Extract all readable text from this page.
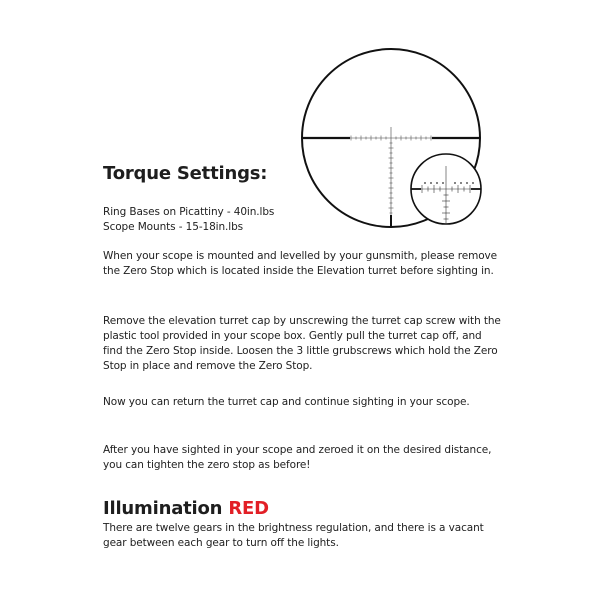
Torque Settings:
Ring Bases on Picattiny - 40in.lbs
Scope Mounts - 15-18in.lbs

When your scope is mounted and levelled by your gunsmith, please remove the Zero Stop which is located inside the Elevation turret before sighting in.

Remove the elevation turret cap by unscrewing the turret cap screw with the plastic tool provided in your scope box. Gently pull the turret cap off, and find the Zero Stop inside. Loosen the 3 little grubscrews which hold the Zero Stop in place and remove the Zero Stop.

Now you can return the turret cap and continue sighting in your scope.

After you have sighted in your scope and zeroed it on the desired distance, you can tighten the zero stop as before!

Illumination RED

There are twelve gears in the brightness regulation, and there is a vacant gear between each gear to turn off the lights.
